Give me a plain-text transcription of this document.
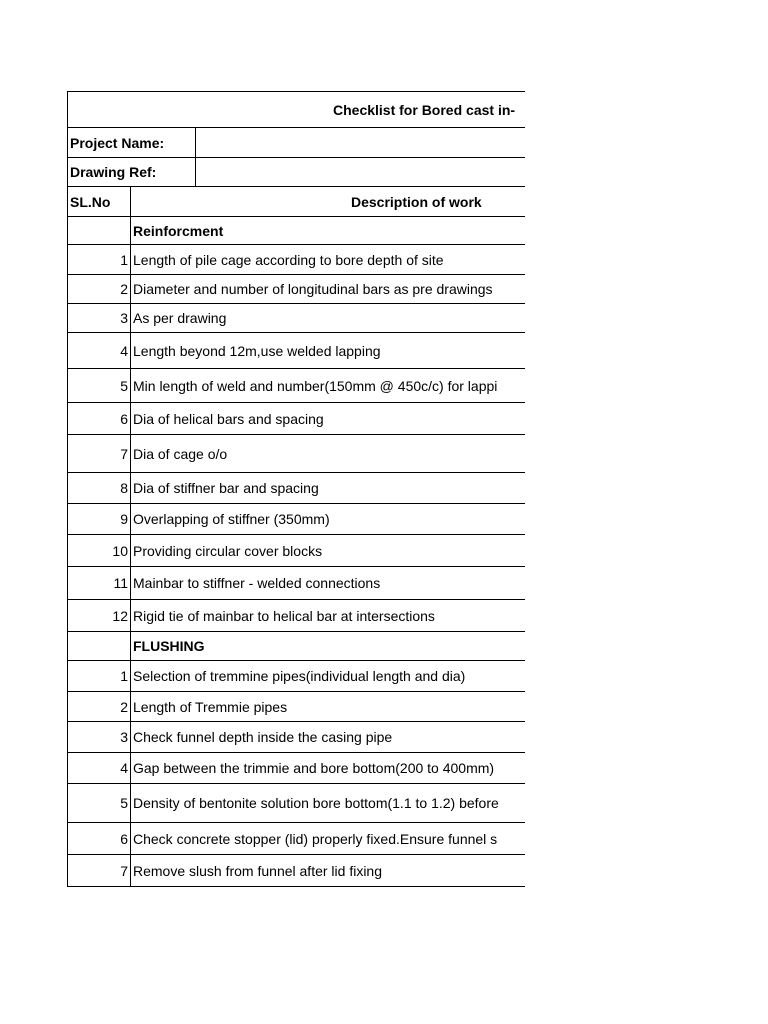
Checklist for Bored cast in-		
Project Name:		
Drawing Ref:		
SL.No	Description of work	
	Reinforcment	
1	Length of pile cage according to bore depth of site	
2	Diameter and number of longitudinal bars as pre drawings	
3	As per drawing	
4	Length beyond 12m,use welded lapping	
5	Min length of weld and number(150mm @ 450c/c) for lappi	
6	Dia of helical bars and spacing	
7	Dia of cage o/o	
8	Dia of stiffner bar and spacing	
9	Overlapping of stiffner (350mm)	
10	Providing circular cover blocks	
11	Mainbar to stiffner - welded connections	
12	Rigid tie of mainbar to helical bar at intersections	
	FLUSHING	
1	Selection of tremmine pipes(individual length and dia)	
2	Length of Tremmie pipes	
3	Check funnel depth inside the casing pipe	
4	Gap between the trimmie and bore bottom(200 to 400mm)	
5	Density of bentonite solution bore bottom(1.1 to 1.2) before	
6	Check concrete stopper (lid) properly fixed.Ensure funnel s	
7	Remove slush from funnel after lid fixing	
